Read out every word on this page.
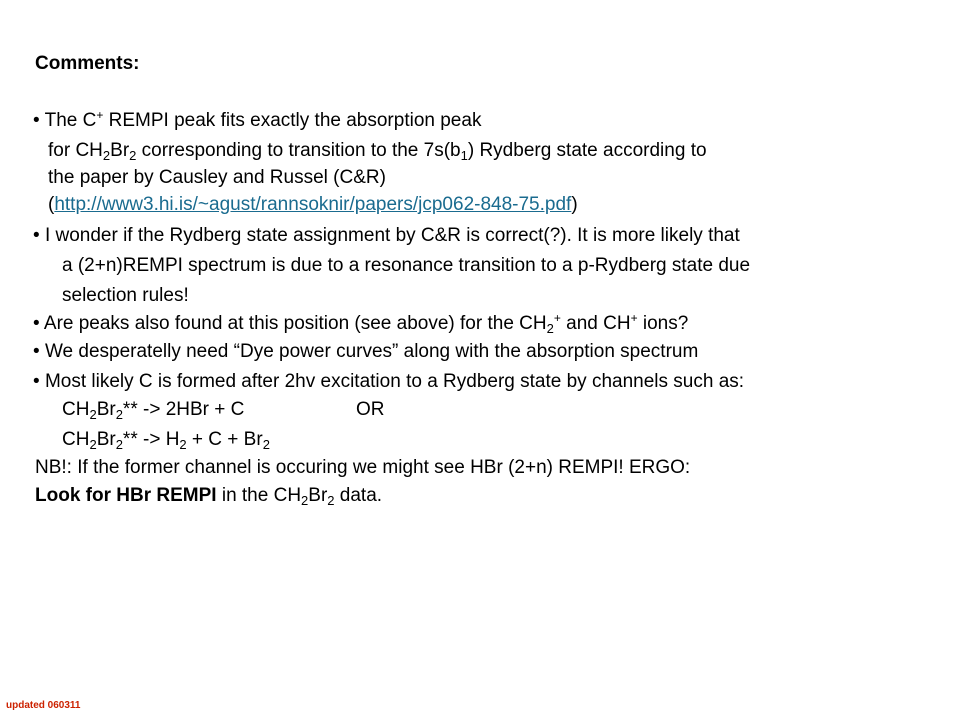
Comments:
• The C+ REMPI peak fits exactly the absorption peak
for $CH_2Br_2$ corresponding to transition to the $7s(b_1)$ Rydberg state according to
the paper by Causley and Russel (C&R)
(http://www3.hi.is/~agust/rannsoknir/papers/jcp062-848-75.pdf)
• I wonder if the Rydberg state assignment by C&R is correct(?). It is more likely that
a (2+n)REMPI spectrum is due to a resonance transition to a p-Rydberg state due
selection rules!
• Are peaks also found at this position (see above) for the $CH_2^+$ and CH+ ions?
• We desperatelly need “Dye power curves” along with the absorption spectrum
• Most likely C is formed after 2hv excitation to a Rydberg state by channels such as:
$CH_2Br_2** -> 2HBr + C$	OR
$CH_2Br_2** -> H_2 + C + Br_2$
NB!: If the former channel is occuring we might see HBr (2+n) REMPI! ERGO:
Look for HBr REMPI in the $CH_2Br_2$ data.
updated 060311
